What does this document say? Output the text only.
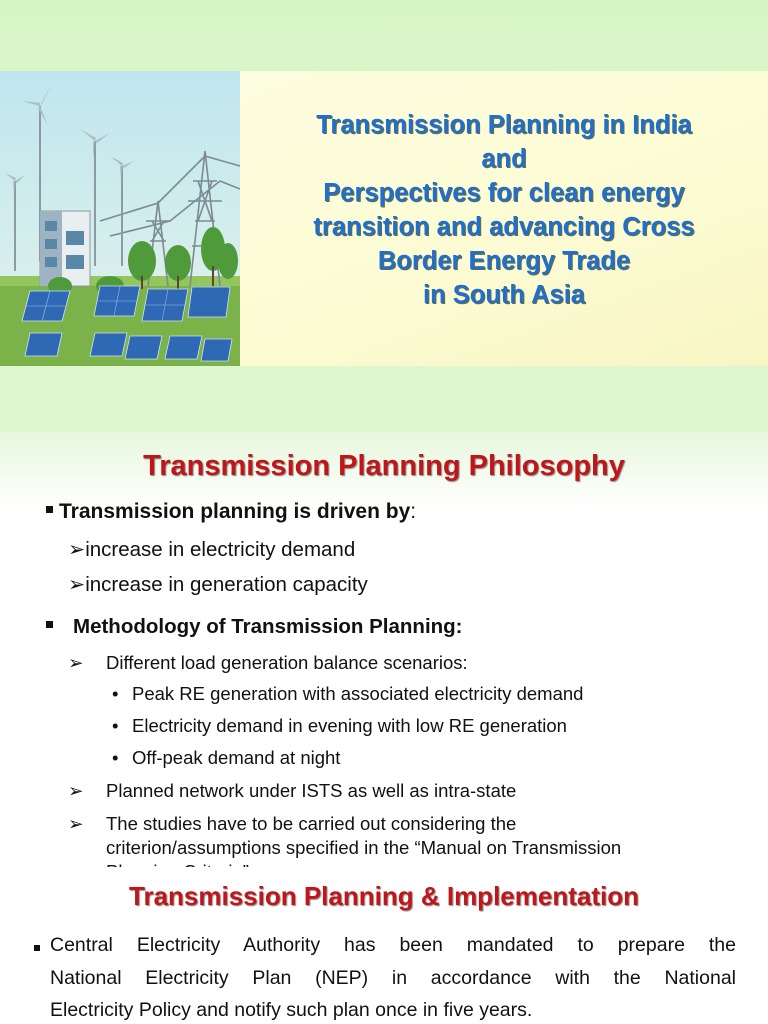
Transmission Planning in India
and
Perspectives for clean energy
transition and advancing Cross
Border Energy Trade
in South Asia
Transmission Planning Philosophy
Transmission planning is driven by:
➢increase in electricity demand
➢increase in generation capacity
Methodology of Transmission Planning:
➢ Different load generation balance scenarios:
• Peak RE generation with associated electricity demand
• Electricity demand in evening with low RE generation
• Off-peak demand at night
➢ Planned network under ISTS as well as intra-state
➢ The studies have to be carried out considering the
criterion/assumptions specified in the “Manual on Transmission
Transmission Planning & Implementation
Central Electricity Authority has been mandated to prepare the
National Electricity Plan (NEP) in accordance with the National
Electricity Policy and notify such plan once in five years.
